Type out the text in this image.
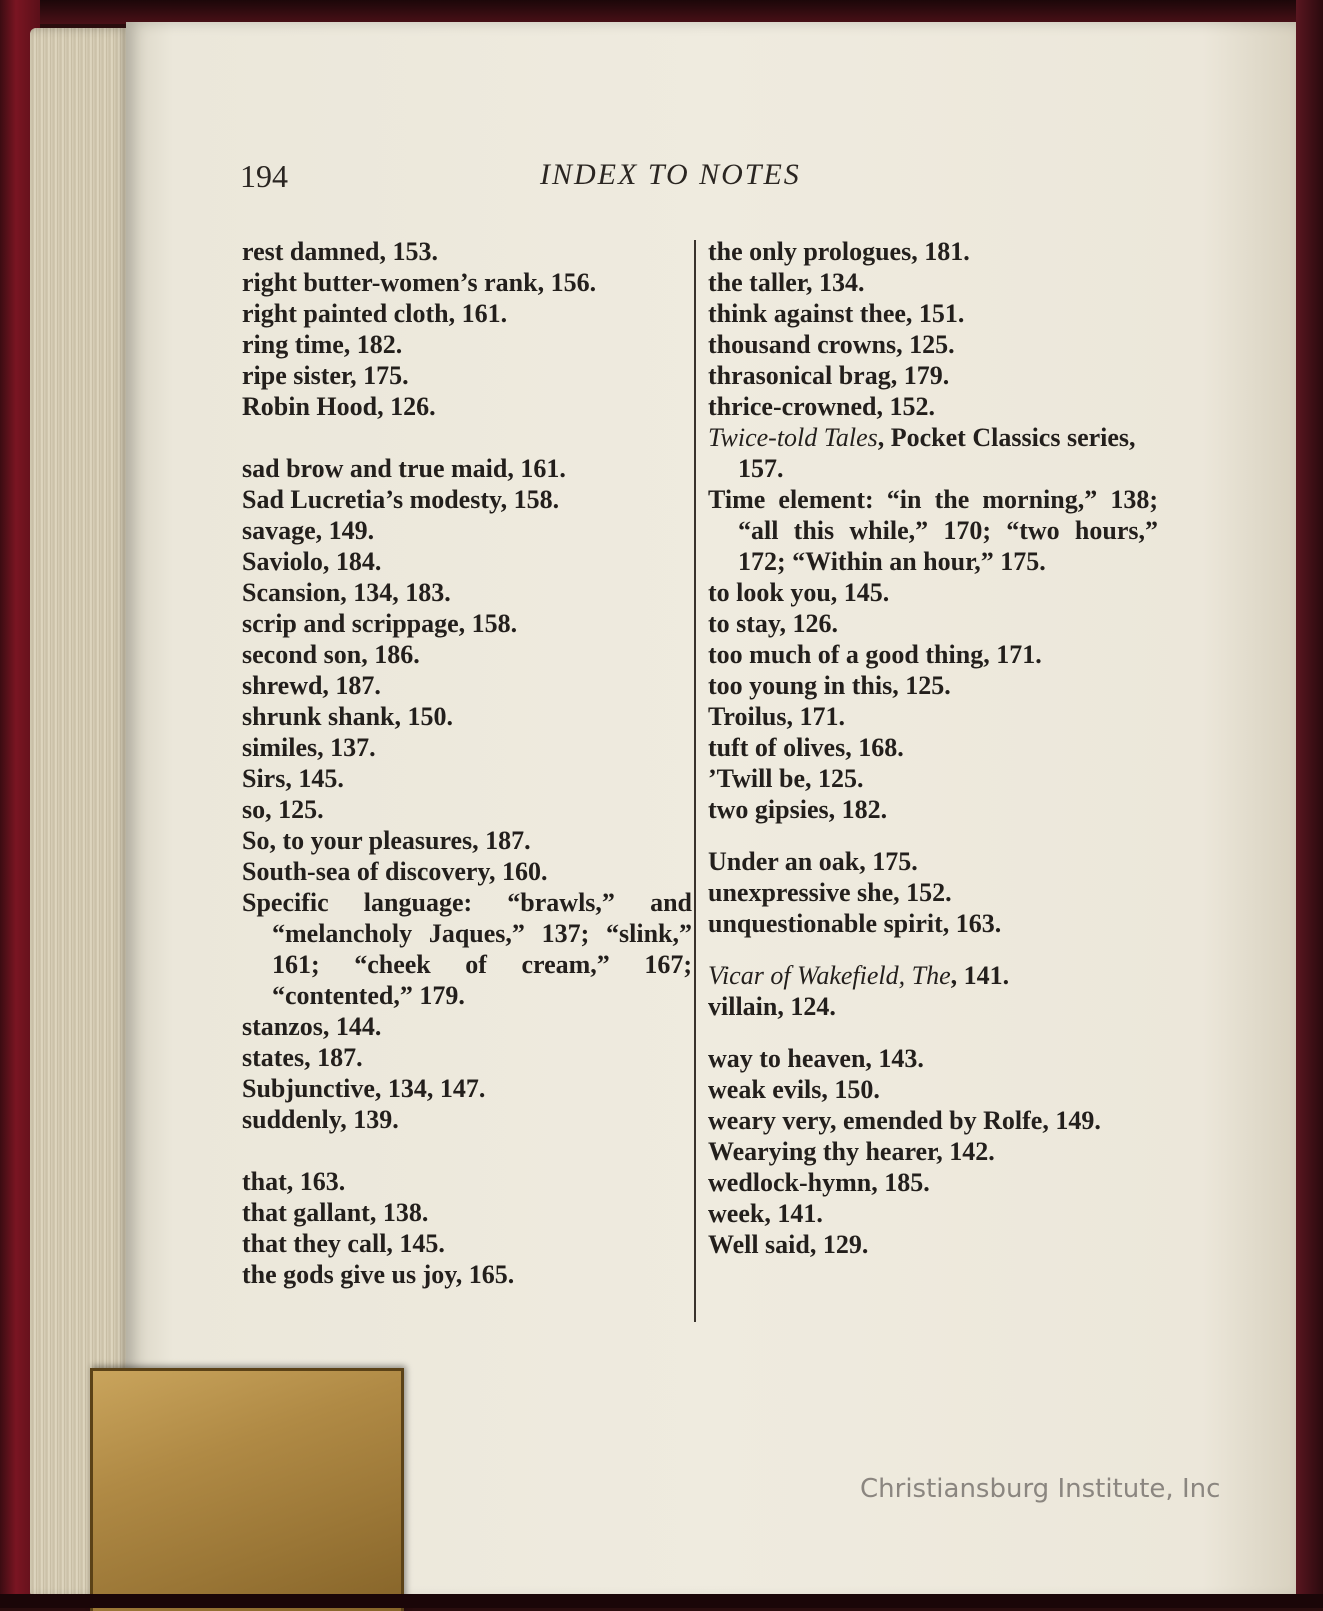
194	INDEX TO NOTES

rest damned, 153.

right butter-women’s rank, 156.

right painted cloth, 161.

ring time, 182.

ripe sister, 175.

Robin Hood, 126.

sad brow and true maid, 161.

Sad Lucretia’s modesty, 158.

savage, 149.

Saviolo, 184.

Scansion, 134, 183.

scrip and scrippage, 158.

second son, 186.

shrewd, 187.

shrunk shank, 150.

similes, 137.

Sirs, 145.

so, 125.

So, to your pleasures, 187.

South-sea of discovery, 160.

Specific language: “brawls,” and “melancholy Jaques,” 137; “slink,” 161; “cheek of cream,” 167; “contented,” 179.

stanzos, 144.

states, 187.

Subjunctive, 134, 147.

suddenly, 139.

that, 163.

that gallant, 138.

that they call, 145.

the gods give us joy, 165.

the only prologues, 181.

the taller, 134.

think against thee, 151.

thousand crowns, 125.

thrasonical brag, 179.

thrice-crowned, 152.

Twice-told Tales, Pocket Classics series, 157.

Time element: “in the morning,” 138; “all this while,” 170; “two hours,” 172; “Within an hour,” 175.

to look you, 145.

to stay, 126.

too much of a good thing, 171.

too young in this, 125.

Troilus, 171.

tuft of olives, 168.

’Twill be, 125.

two gipsies, 182.

Under an oak, 175.

unexpressive she, 152.

unquestionable spirit, 163.

Vicar of Wakefield, The, 141.

villain, 124.

way to heaven, 143.

weak evils, 150.

weary very, emended by Rolfe, 149.

Wearying thy hearer, 142.

wedlock-hymn, 185.

week, 141.

Well said, 129.

Christiansburg Institute, Inc
